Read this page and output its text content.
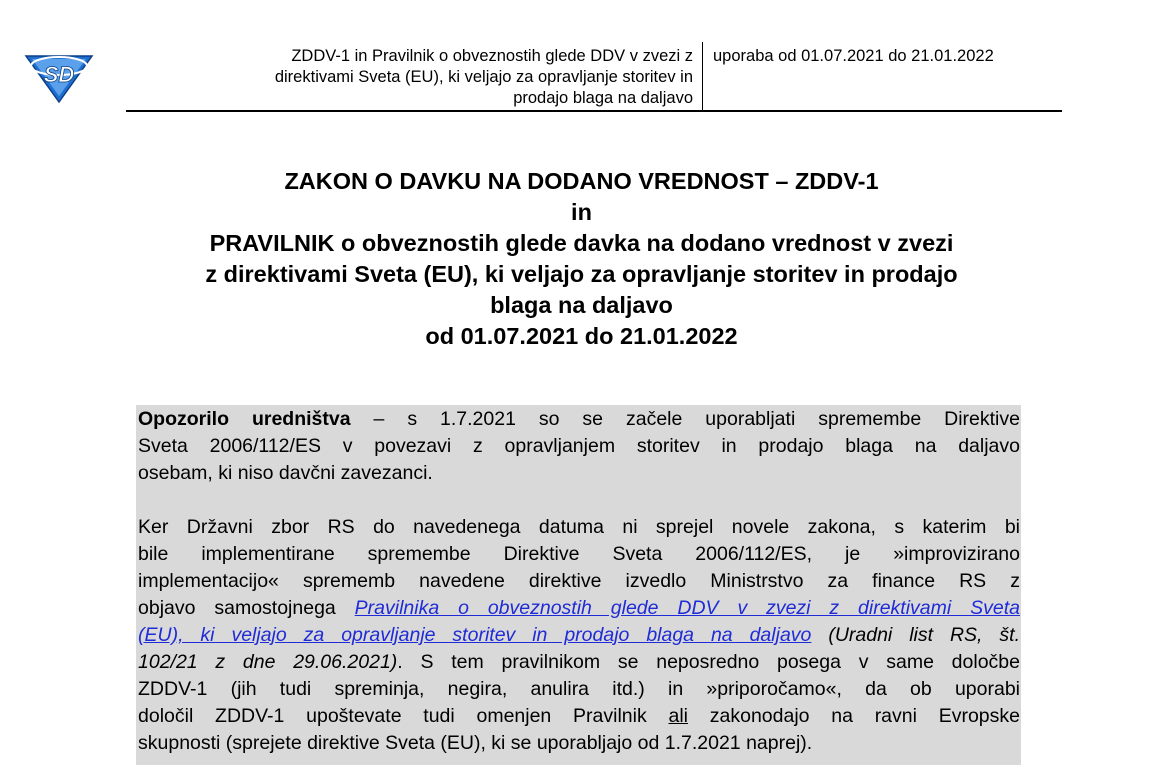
SD
ZDDV-1 in Pravilnik o obveznostih glede DDV v zvezi z
direktivami Sveta (EU), ki veljajo za opravljanje storitev in
prodajo blaga na daljavo
uporaba od 01.07.2021 do 21.01.2022
ZAKON O DAVKU NA DODANO VREDNOST – ZDDV-1
in
PRAVILNIK o obveznostih glede davka na dodano vrednost v zvezi
z direktivami Sveta (EU), ki veljajo za opravljanje storitev in prodajo
blaga na daljavo
od 01.07.2021 do 21.01.2022
Opozorilo uredništva – s 1.7.2021 so se začele uporabljati spremembe Direktive
Sveta 2006/112/ES v povezavi z opravljanjem storitev in prodajo blaga na daljavo
osebam, ki niso davčni zavezanci.
Ker Državni zbor RS do navedenega datuma ni sprejel novele zakona, s katerim bi
bile implementirane spremembe Direktive Sveta 2006/112/ES, je »improvizirano
implementacijo« sprememb navedene direktive izvedlo Ministrstvo za finance RS z
objavo samostojnega Pravilnika o obveznostih glede DDV v zvezi z direktivami Sveta
(EU), ki veljajo za opravljanje storitev in prodajo blaga na daljavo (Uradni list RS, št.
102/21 z dne 29.06.2021). S tem pravilnikom se neposredno posega v same določbe
ZDDV-1 (jih tudi spreminja, negira, anulira itd.) in »priporočamo«, da ob uporabi
določil ZDDV-1 upoštevate tudi omenjen Pravilnik ali zakonodajo na ravni Evropske
skupnosti (sprejete direktive Sveta (EU), ki se uporabljajo od 1.7.2021 naprej).
